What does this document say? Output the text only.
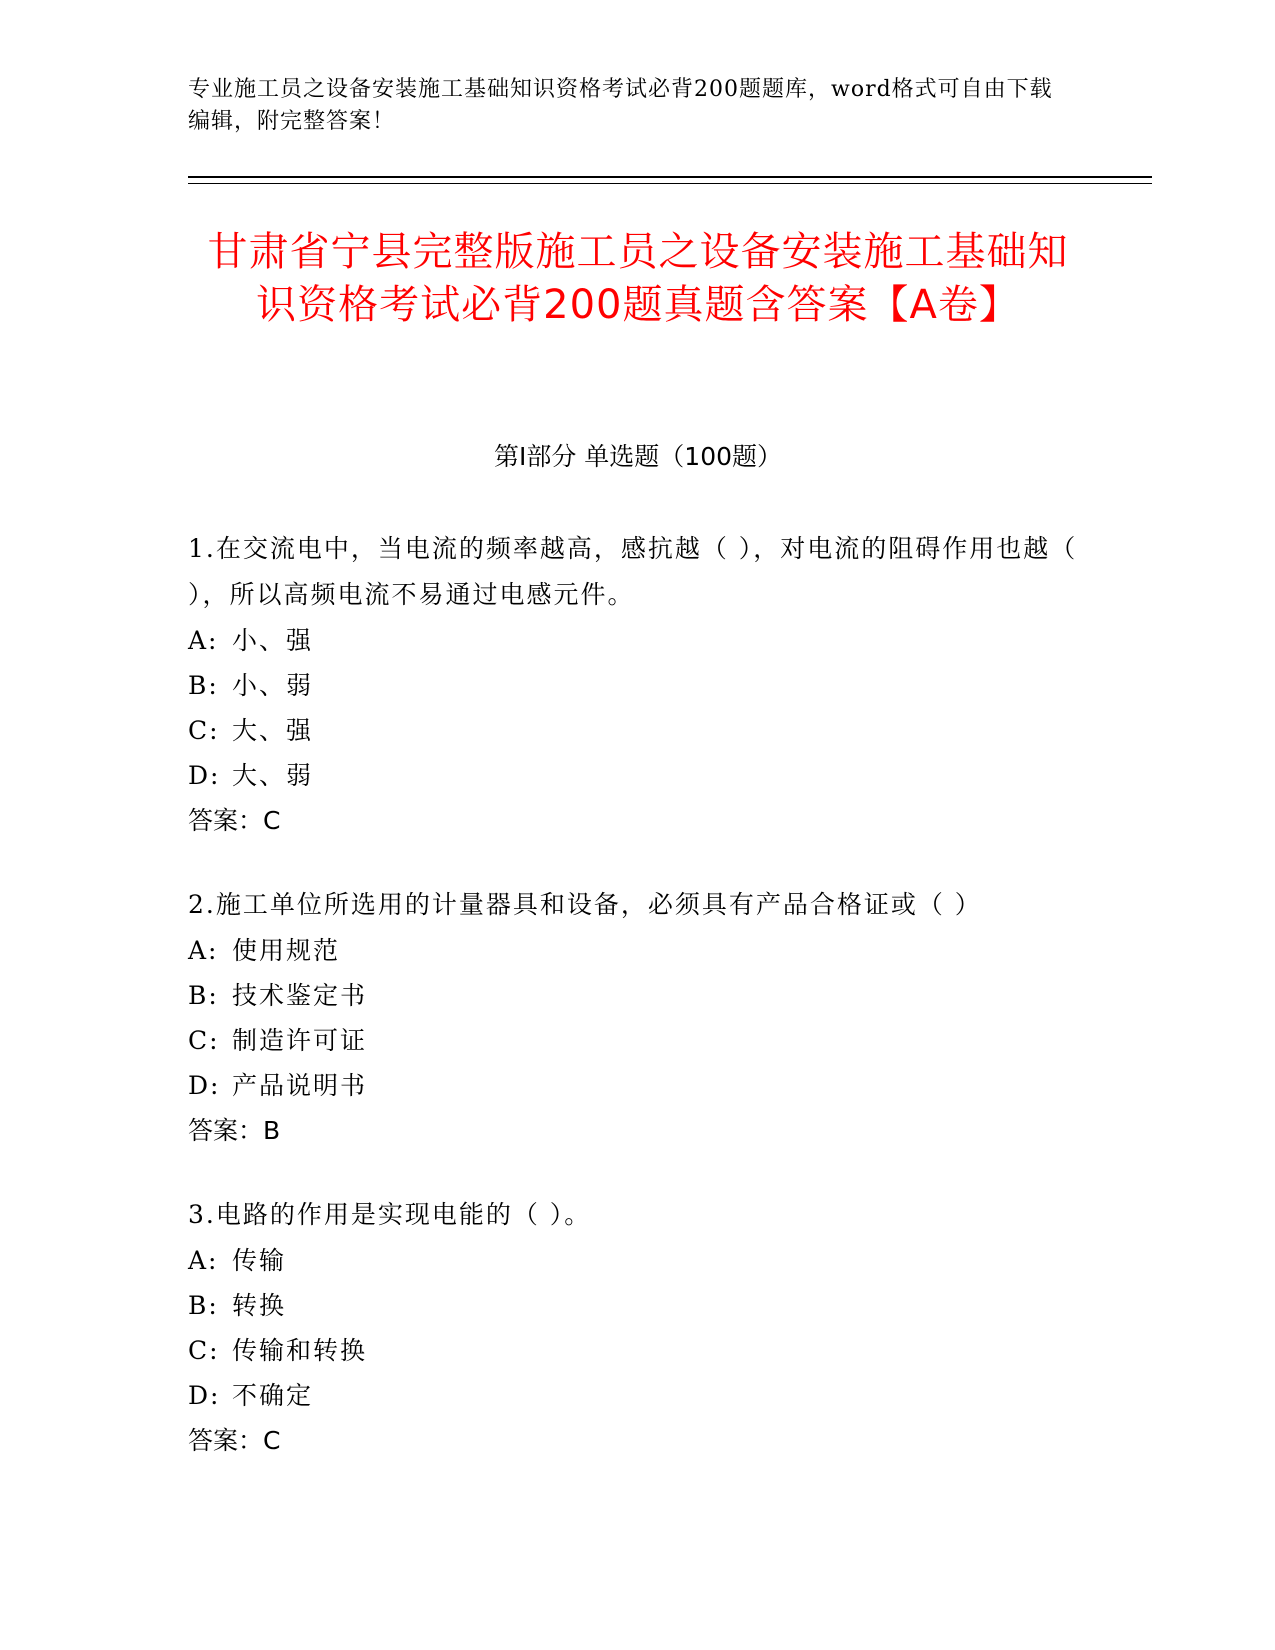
专业施工员之设备安装施工基础知识资格考试必背200题题库，word格式可自由下载编辑，附完整答案！
甘肃省宁县完整版施工员之设备安装施工基础知识资格考试必背200题真题含答案【A卷】
第Ⅰ部分 单选题（100题）

1.在交流电中，当电流的频率越高，感抗越（ ），对电流的阻碍作用也越（ ），所以高频电流不易通过电感元件。

A: 小、强

B: 小、弱

C: 大、强

D: 大、弱

答案：C

2.施工单位所选用的计量器具和设备，必须具有产品合格证或（ ）

A: 使用规范

B: 技术鉴定书

C: 制造许可证

D: 产品说明书

答案：B

3.电路的作用是实现电能的（ ）。

A: 传输

B: 转换

C: 传输和转换

D: 不确定

答案：C
